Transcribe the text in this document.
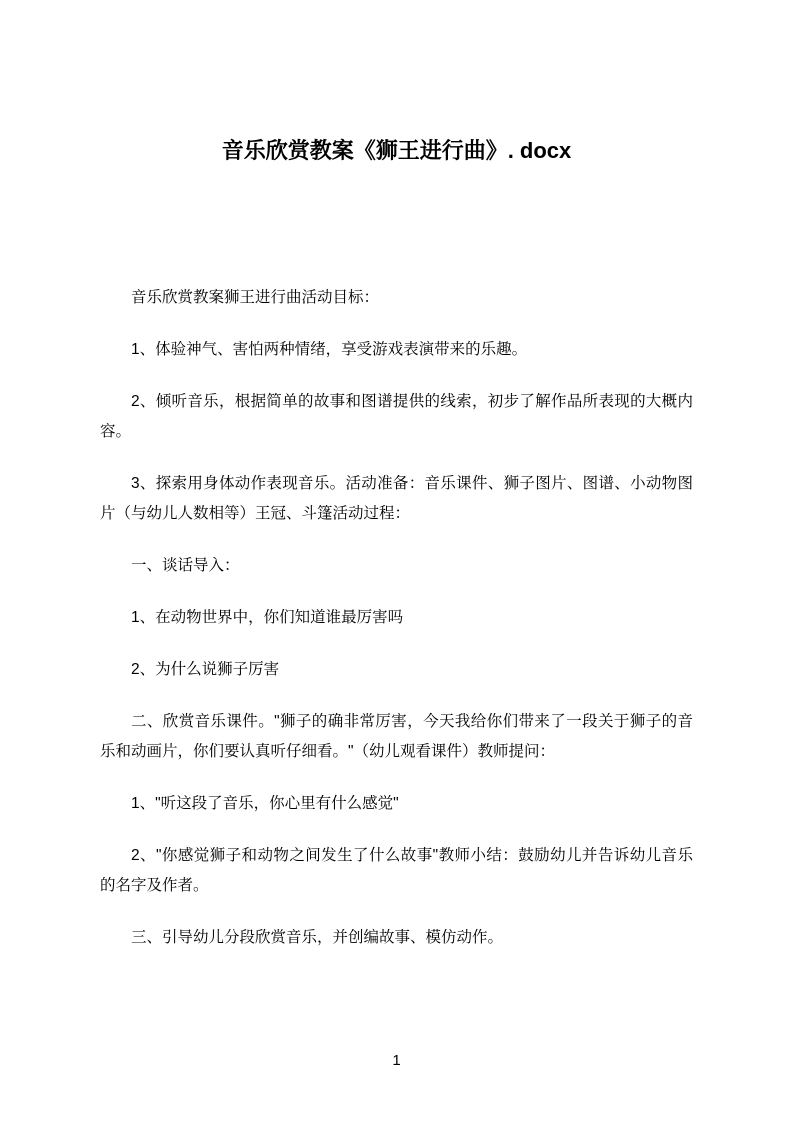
音乐欣赏教案《狮王进行曲》. docx

音乐欣赏教案狮王进行曲活动目标：

1、体验神气、害怕两种情绪，享受游戏表演带来的乐趣。

2、倾听音乐，根据简单的故事和图谱提供的线索，初步了解作品所表现的大概内容。

3、探索用身体动作表现音乐。活动准备：音乐课件、狮子图片、图谱、小动物图片（与幼儿人数相等）王冠、斗篷活动过程：

一、谈话导入：

1、在动物世界中，你们知道谁最厉害吗

2、为什么说狮子厉害

二、欣赏音乐课件。"狮子的确非常厉害，今天我给你们带来了一段关于狮子的音乐和动画片，你们要认真听仔细看。"（幼儿观看课件）教师提问：

1、"听这段了音乐，你心里有什么感觉"

2、"你感觉狮子和动物之间发生了什么故事"教师小结：鼓励幼儿并告诉幼儿音乐的名字及作者。

三、引导幼儿分段欣赏音乐，并创编故事、模仿动作。

1
